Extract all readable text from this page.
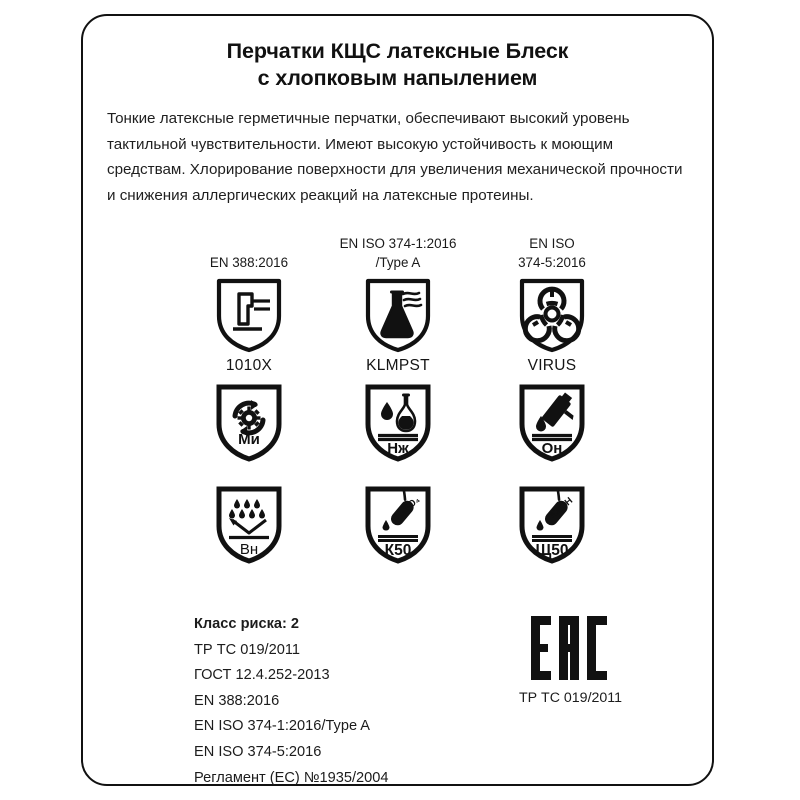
Перчатки КЩС латексные Блеск
с хлопковым напылением
Тонкие латексные герметичные перчатки, обеспечивают высокий уровень тактильной чувствительности. Имеют высокую устойчивость к моющим средствам. Хлорирование поверхности для увеличения механической прочности и снижения аллергических реакций на латексные протеины.
EN 388:2016
EN ISO 374-1:2016
/Type A
EN ISO
374-5:2016
1010X	KLMPST	VIRUS
Ми
Нж	Он
Вн
H₂SO₄
К50
NaOH
Щ50
Класс риска: 2
ТР ТС 019/2011
ГОСТ 12.4.252-2013
EN 388:2016
EN ISO 374-1:2016/Type A
EN ISO 374-5:2016
Регламент (EC) №1935/2004
ТР ТС 019/2011
